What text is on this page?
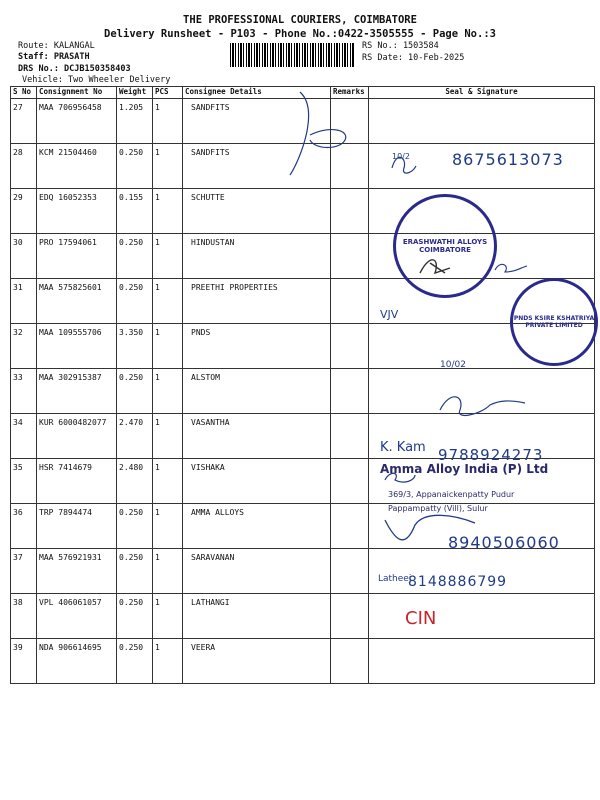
THE PROFESSIONAL COURIERS, COIMBATORE
Delivery Runsheet - P103 - Phone No.:0422-3505555 - Page No.:3
Route: KALANGAL
Staff: PRASATH
DRS No.: DCJB150358403
Vehicle: Two Wheeler Delivery
RS No.: 1503584
RS Date: 10-Feb-2025
S No	Consignment No	Weight	PCS	Consignee Details	Remarks	Seal & Signature
27	MAA 706956458	1.205	1	SANDFITS		
28	KCM 21504460	0.250	1	SANDFITS		
29	EDQ 16052353	0.155	1	SCHUTTE		
30	PRO 17594061	0.250	1	HINDUSTAN		
31	MAA 575825601	0.250	1	PREETHI PROPERTIES		
32	MAA 109555706	3.350	1	PNDS		
33	MAA 302915387	0.250	1	ALSTOM		
34	KUR 6000482077	2.470	1	VASANTHA		
35	HSR 7414679	2.480	1	VISHAKA		
36	TRP 7894474	0.250	1	AMMA ALLOYS		
37	MAA 576921931	0.250	1	SARAVANAN		
38	VPL 406061057	0.250	1	LATHANGI		
39	NDA 906614695	0.250	1	VEERA		
10/2	8675613073
VJV
10/02
K. Kam 9788924273
Amma Alloy India (P) Ltd
369/3, Appanaickenpatty Pudur
Pappampatty (Vill), Sulur
8940506060
Latheej
8148886799
CIN
ERASHWATHI ALLOYS COIMBATORE
PNDS KSIRE KSHATRIYA PRIVATE LIMITED
